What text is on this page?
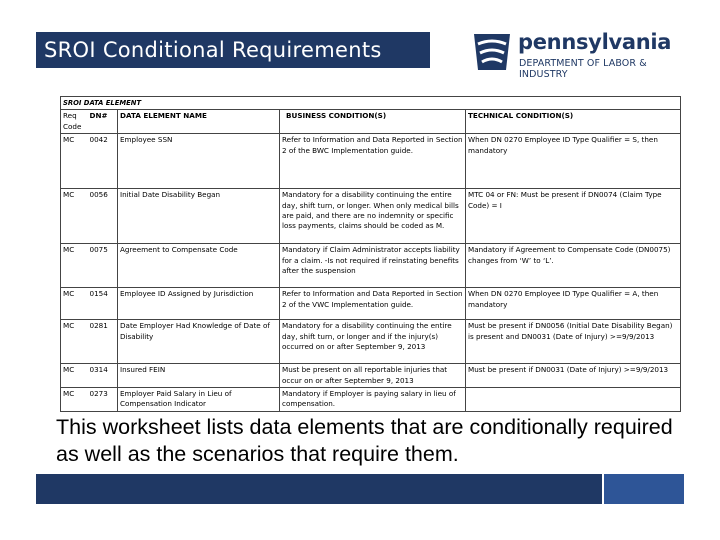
SROI Conditional Requirements	pennsylvania
DEPARTMENT OF LABOR & INDUSTRY
SROI DATA ELEMENT				
Req Code	DN#	DATA ELEMENT NAME	BUSINESS CONDITION(S)	TECHNICAL CONDITION(S)
MC	0042	Employee SSN	Refer to Information and Data Reported in Section 2 of the BWC Implementation guide.	When DN 0270 Employee ID Type Qualifier = S, then mandatory
MC	0056	Initial Date Disability Began	Mandatory for a disability continuing the entire day, shift turn, or longer. When only medical bills are paid, and there are no indemnity or specific loss payments, claims should be coded as M.	MTC 04 or FN: Must be present if DN0074 (Claim Type Code) = I
MC	0075	Agreement to Compensate Code	Mandatory if Claim Administrator accepts liability for a claim. -Is not required if reinstating benefits after the suspension	Mandatory if Agreement to Compensate Code (DN0075) changes from ‘W’ to ‘L’.
MC	0154	Employee ID Assigned by Jurisdiction	Refer to Information and Data Reported in Section 2 of the VWC Implementation guide.	When DN 0270 Employee ID Type Qualifier = A, then mandatory
MC	0281	Date Employer Had Knowledge of Date of Disability	Mandatory for a disability continuing the entire day, shift turn, or longer and if the injury(s) occurred on or after September 9, 2013	Must be present if DN0056 (Initial Date Disability Began) is present and DN0031 (Date of Injury) >=9/9/2013
MC	0314	Insured FEIN	Must be present on all reportable injuries that occur on or after September 9, 2013	Must be present if DN0031 (Date of Injury) >=9/9/2013
MC	0273	Employer Paid Salary in Lieu of Compensation Indicator	Mandatory if Employer is paying salary in lieu of compensation.	
This worksheet lists data elements that are conditionally required as well as the scenarios that require them.
